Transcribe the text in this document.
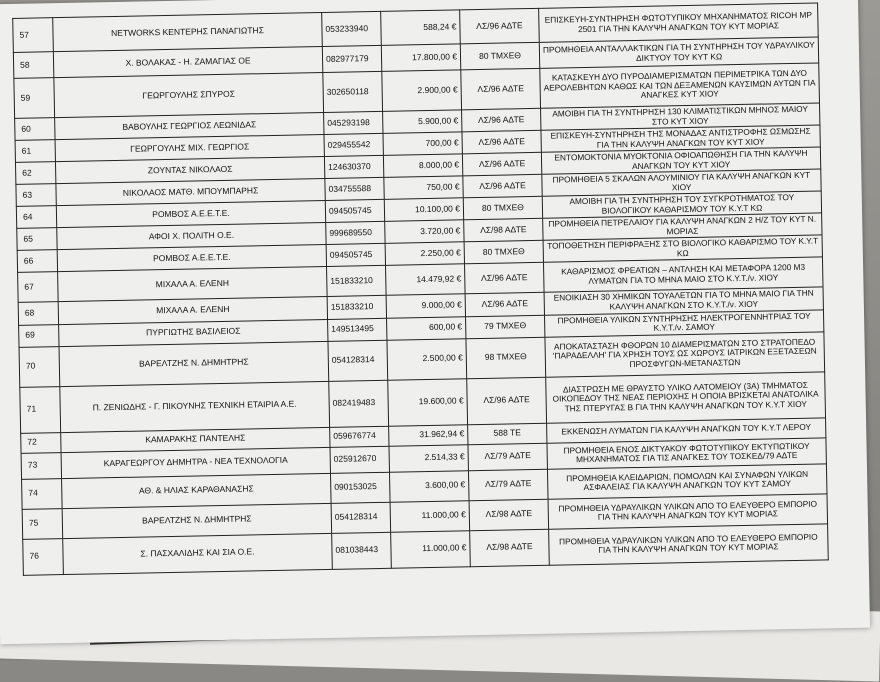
57	NETWORKS ΚΕΝΤΕΡΗΣ ΠΑΝΑΓΙΩΤΗΣ	053233940	588,24 €	ΛΣ/96 ΑΔΤΕ	ΕΠΙΣΚΕΥΗ-ΣΥΝΤΗΡΗΣΗ ΦΩΤΟΤΥΠΙΚΟΥ ΜΗΧΑΝΗΜΑΤΟΣ RICOH MP 2501 ΓΙΑ ΤΗΝ ΚΑΛΥΨΗ ΑΝΑΓΚΩΝ ΤΟΥ ΚΥΤ ΜΟΡΙΑΣ
58	Χ. ΒΟΛΑΚΑΣ - Η. ΖΑΜΑΓΙΑΣ ΟΕ	082977179	17.800,00 €	80 ΤΜΧΕΘ	ΠΡΟΜΗΘΕΙΑ ΑΝΤΑΛΛΑΚΤΙΚΩΝ ΓΙΑ ΤΗ ΣΥΝΤΗΡΗΣΗ ΤΟΥ ΥΔΡΑΥΛΙΚΟΥ ΔΙΚΤΥΟΥ ΤΟΥ ΚΥΤ ΚΩ
59	ΓΕΩΡΓΟΥΛΗΣ ΣΠΥΡΟΣ	302650118	2.900,00 €	ΛΣ/96 ΑΔΤΕ	ΚΑΤΑΣΚΕΥΗ ΔΥΟ ΠΥΡΟΔΙΑΜΕΡΙΣΜΑΤΩΝ ΠΕΡΙΜΕΤΡΙΚΑ ΤΩΝ ΔΥΟ ΑΕΡΟΛΕΒΗΤΩΝ ΚΑΘΩΣ ΚΑΙ ΤΩΝ ΔΕΞΑΜΕΝΩΝ ΚΑΥΣΙΜΩΝ ΑΥΤΩΝ ΓΙΑ ΑΝΑΓΚΕΣ ΚΥΤ ΧΙΟΥ
60	ΒΑΒΟΥΛΗΣ ΓΕΩΡΓΙΟΣ ΛΕΩΝΙΔΑΣ	045293198	5.900,00 €	ΛΣ/96 ΑΔΤΕ	ΑΜΟΙΒΗ ΓΙΑ ΤΗ ΣΥΝΤΗΡΗΣΗ 130 ΚΛΙΜΑΤΙΣΤΙΚΩΝ ΜΗΝΟΣ ΜΑΙΟΥ ΣΤΟ ΚΥΤ ΧΙΟΥ
61	ΓΕΩΡΓΟΥΛΗΣ ΜΙΧ. ΓΕΩΡΓΙΟΣ	029455542	700,00 €	ΛΣ/96 ΑΔΤΕ	ΕΠΙΣΚΕΥΗ-ΣΥΝΤΗΡΗΣΗ ΤΗΣ ΜΟΝΑΔΑΣ ΑΝΤΙΣΤΡΟΦΗΣ ΩΣΜΩΣΗΣ ΓΙΑ ΤΗΝ ΚΑΛΥΨΗ ΑΝΑΓΚΩΝ ΤΟΥ ΚΥΤ ΧΙΟΥ
62	ΖΟΥΝΤΑΣ ΝΙΚΟΛΑΟΣ	124630370	8.000,00 €	ΛΣ/96 ΑΔΤΕ	ΕΝΤΟΜΟΚΤΟΝΙΑ ΜΥΟΚΤΟΝΙΑ ΟΦΙΟΑΠΩΘΗΣΗ ΓΙΑ ΤΗΝ ΚΑΛΥΨΗ ΑΝΑΓΚΩΝ ΤΟΥ ΚΥΤ ΧΙΟΥ
63	ΝΙΚΟΛΑΟΣ ΜΑΤΘ. ΜΠΟΥΜΠΑΡΗΣ	034755588	750,00 €	ΛΣ/96 ΑΔΤΕ	ΠΡΟΜΗΘΕΙΑ 5 ΣΚΑΛΩΝ ΑΛΟΥΜΙΝΙΟΥ ΓΙΑ ΚΑΛΥΨΗ ΑΝΑΓΚΩΝ ΚΥΤ ΧΙΟΥ
64	ΡΟΜΒΟΣ Α.Ε.Ε.Τ.Ε.	094505745	10.100,00 €	80 ΤΜΧΕΘ	ΑΜΟΙΒΗ ΓΙΑ ΤΗ ΣΥΝΤΗΡΗΣΗ ΤΟΥ ΣΥΓΚΡΟΤΗΜΑΤΟΣ ΤΟΥ ΒΙΟΛΟΓΙΚΟΥ ΚΑΘΑΡΙΣΜΟΥ ΤΟΥ Κ.Υ.Τ ΚΩ
65	ΑΦΟΙ Χ. ΠΟΛΙΤΗ Ο.Ε.	999689550	3.720,00 €	ΛΣ/98 ΑΔΤΕ	ΠΡΟΜΗΘΕΙΑ ΠΕΤΡΕΛΑΙΟΥ ΓΙΑ ΚΑΛΥΨΗ ΑΝΑΓΚΩΝ 2 Η/Ζ ΤΟΥ ΚΥΤ Ν. ΜΟΡΙΑΣ
66	ΡΟΜΒΟΣ Α.Ε.Ε.Τ.Ε.	094505745	2.250,00 €	80 ΤΜΧΕΘ	ΤΟΠΟΘΕΤΗΣΗ ΠΕΡΙΦΡΑΞΗΣ ΣΤΟ ΒΙΟΛΟΓΙΚΟ ΚΑΘΑΡΙΣΜΟ ΤΟΥ Κ.Υ.Τ ΚΩ
67	ΜΙΧΑΛΑ Α. ΕΛΕΝΗ	151833210	14.479,92 €	ΛΣ/96 ΑΔΤΕ	ΚΑΘΑΡΙΣΜΟΣ ΦΡΕΑΤΙΩΝ – ΑΝΤΛΗΣΗ ΚΑΙ ΜΕΤΑΦΟΡΑ 1200 Μ3 ΛΥΜΑΤΩΝ ΓΙΑ ΤΟ ΜΗΝΑ ΜΑΙΟ ΣΤΟ Κ.Υ.Τ./ν. ΧΙΟΥ
68	ΜΙΧΑΛΑ Α. ΕΛΕΝΗ	151833210	9.000,00 €	ΛΣ/96 ΑΔΤΕ	ΕΝΟΙΚΙΑΣΗ 30 ΧΗΜΙΚΩΝ ΤΟΥΑΛΕΤΩΝ ΓΙΑ ΤΟ ΜΗΝΑ ΜΑΙΟ ΓΙΑ ΤΗΝ ΚΑΛΥΨΗ ΑΝΑΓΚΩΝ ΣΤΟ Κ.Υ.Τ./ν. ΧΙΟΥ
69	ΠΥΡΓΙΩΤΗΣ ΒΑΣΙΛΕΙΟΣ	149513495	600,00 €	79 ΤΜΧΕΘ	ΠΡΟΜΗΘΕΙΑ ΥΛΙΚΩΝ ΣΥΝΤΗΡΗΣΗΣ ΗΛΕΚΤΡΟΓΕΝΝΗΤΡΙΑΣ ΤΟΥ Κ.Υ.Τ./ν. ΣΑΜΟΥ
70	ΒΑΡΕΛΤΖΗΣ Ν. ΔΗΜΗΤΡΗΣ	054128314	2.500,00 €	98 ΤΜΧΕΘ	ΑΠΟΚΑΤΑΣΤΑΣΗ ΦΘΟΡΩΝ 10 ΔΙΑΜΕΡΙΣΜΑΤΩΝ ΣΤΟ ΣΤΡΑΤΟΠΕΔΟ 'ΠΑΡΑΔΕΛΛΗ' ΓΙΑ ΧΡΗΣΗ ΤΟΥΣ ΩΣ ΧΩΡΟΥΣ ΙΑΤΡΙΚΩΝ ΕΞΕΤΑΣΕΩΝ ΠΡΟΣΦΥΓΩΝ-ΜΕΤΑΝΑΣΤΩΝ
71	Π. ΖΕΝΙΩΔΗΣ - Γ. ΠΙΚΟΥΝΗΣ ΤΕΧΝΙΚΗ ΕΤΑΙΡΙΑ Α.Ε.	082419483	19.600,00 €	ΛΣ/96 ΑΔΤΕ	ΔΙΑΣΤΡΩΣΗ ΜΕ ΘΡΑΥΣΤΟ ΥΛΙΚΟ ΛΑΤΟΜΕΙΟΥ (3Α) ΤΜΗΜΑΤΟΣ ΟΙΚΟΠΕΔΟΥ ΤΗΣ ΝΕΑΣ ΠΕΡΙΟΧΗΣ Η ΟΠΟΙΑ ΒΡΙΣΚΕΤΑΙ ΑΝΑΤΟΛΙΚΑ ΤΗΣ ΠΤΕΡΥΓΑΣ Β ΓΙΑ ΤΗΝ ΚΑΛΥΨΗ ΑΝΑΓΚΩΝ ΤΟΥ Κ.Υ.Τ ΧΙΟΥ
72	ΚΑΜΑΡΑΚΗΣ ΠΑΝΤΕΛΗΣ	059676774	31.962,94 €	588 ΤΕ	ΕΚΚΕΝΩΣΗ ΛΥΜΑΤΩΝ ΓΙΑ ΚΑΛΥΨΗ ΑΝΑΓΚΩΝ ΤΟΥ Κ.Υ.Τ ΛΕΡΟΥ
73	ΚΑΡΑΓΕΩΡΓΟΥ ΔΗΜΗΤΡΑ - ΝΕΑ ΤΕΧΝΟΛΟΓΙΑ	025912670	2.514,33 €	ΛΣ/79 ΑΔΤΕ	ΠΡΟΜΗΘΕΙΑ ΕΝΟΣ ΔΙΚΤΥΑΚΟΥ ΦΩΤΟΤΥΠΙΚΟΥ ΕΚΤΥΠΩΤΙΚΟΥ ΜΗΧΑΝΗΜΑΤΟΣ ΓΙΑ ΤΙΣ ΑΝΑΓΚΕΣ ΤΟΥ ΤΟΣΚΕΔ/79 ΑΔΤΕ
74	ΑΘ. & ΗΛΙΑΣ ΚΑΡΑΘΑΝΑΣΗΣ	090153025	3.600,00 €	ΛΣ/79 ΑΔΤΕ	ΠΡΟΜΗΘΕΙΑ ΚΛΕΙΔΑΡΙΩΝ, ΠΟΜΟΛΩΝ ΚΑΙ ΣΥΝΑΦΩΝ ΥΛΙΚΩΝ ΑΣΦΑΛΕΙΑΣ ΓΙΑ ΚΑΛΥΨΗ ΑΝΑΓΚΩΝ ΤΟΥ ΚΥΤ ΣΑΜΟΥ
75	ΒΑΡΕΛΤΖΗΣ Ν. ΔΗΜΗΤΡΗΣ	054128314	11.000,00 €	ΛΣ/98 ΑΔΤΕ	ΠΡΟΜΗΘΕΙΑ ΥΔΡΑΥΛΙΚΩΝ ΥΛΙΚΩΝ ΑΠΟ ΤΟ ΕΛΕΥΘΕΡΟ ΕΜΠΟΡΙΟ ΓΙΑ ΤΗΝ ΚΑΛΥΨΗ ΑΝΑΓΚΩΝ ΤΟΥ ΚΥΤ ΜΟΡΙΑΣ
76	Σ. ΠΑΣΧΑΛΙΔΗΣ ΚΑΙ ΣΙΑ Ο.Ε.	081038443	11.000,00 €	ΛΣ/98 ΑΔΤΕ	ΠΡΟΜΗΘΕΙΑ ΥΔΡΑΥΛΙΚΩΝ ΥΛΙΚΩΝ ΑΠΟ ΤΟ ΕΛΕΥΘΕΡΟ ΕΜΠΟΡΙΟ ΓΙΑ ΤΗΝ ΚΑΛΥΨΗ ΑΝΑΓΚΩΝ ΤΟΥ ΚΥΤ ΜΟΡΙΑΣ
